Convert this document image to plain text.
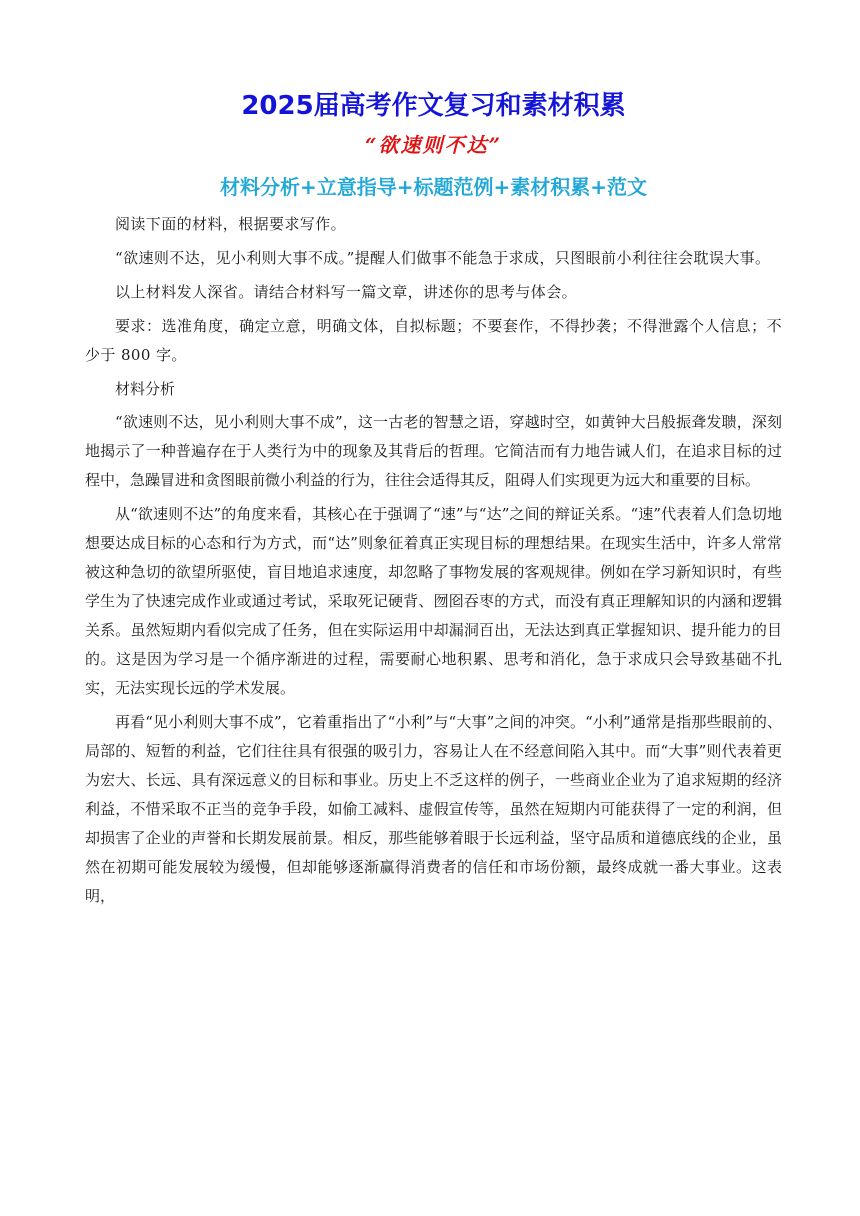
2025届高考作文复习和素材积累

“欲速则不达”

材料分析+立意指导+标题范例+素材积累+范文

阅读下面的材料，根据要求写作。

“欲速则不达，见小利则大事不成。”提醒人们做事不能急于求成，只图眼前小利往往会耽误大事。

以上材料发人深省。请结合材料写一篇文章，讲述你的思考与体会。

要求：选准角度，确定立意，明确文体，自拟标题；不要套作，不得抄袭；不得泄露个人信息；不少于 800 字。

材料分析

“欲速则不达，见小利则大事不成”，这一古老的智慧之语，穿越时空，如黄钟大吕般振聋发聩，深刻地揭示了一种普遍存在于人类行为中的现象及其背后的哲理。它简洁而有力地告诫人们，在追求目标的过程中，急躁冒进和贪图眼前微小利益的行为，往往会适得其反，阻碍人们实现更为远大和重要的目标。

从“欲速则不达”的角度来看，其核心在于强调了“速”与“达”之间的辩证关系。“速”代表着人们急切地想要达成目标的心态和行为方式，而“达”则象征着真正实现目标的理想结果。在现实生活中，许多人常常被这种急切的欲望所驱使，盲目地追求速度，却忽略了事物发展的客观规律。例如在学习新知识时，有些学生为了快速完成作业或通过考试，采取死记硬背、囫囵吞枣的方式，而没有真正理解知识的内涵和逻辑关系。虽然短期内看似完成了任务，但在实际运用中却漏洞百出，无法达到真正掌握知识、提升能力的目的。这是因为学习是一个循序渐进的过程，需要耐心地积累、思考和消化，急于求成只会导致基础不扎实，无法实现长远的学术发展。

再看“见小利则大事不成”，它着重指出了“小利”与“大事”之间的冲突。“小利”通常是指那些眼前的、局部的、短暂的利益，它们往往具有很强的吸引力，容易让人在不经意间陷入其中。而“大事”则代表着更为宏大、长远、具有深远意义的目标和事业。历史上不乏这样的例子，一些商业企业为了追求短期的经济利益，不惜采取不正当的竞争手段，如偷工减料、虚假宣传等，虽然在短期内可能获得了一定的利润，但却损害了企业的声誉和长期发展前景。相反，那些能够着眼于长远利益，坚守品质和道德底线的企业，虽然在初期可能发展较为缓慢，但却能够逐渐赢得消费者的信任和市场份额，最终成就一番大事业。这表明，
